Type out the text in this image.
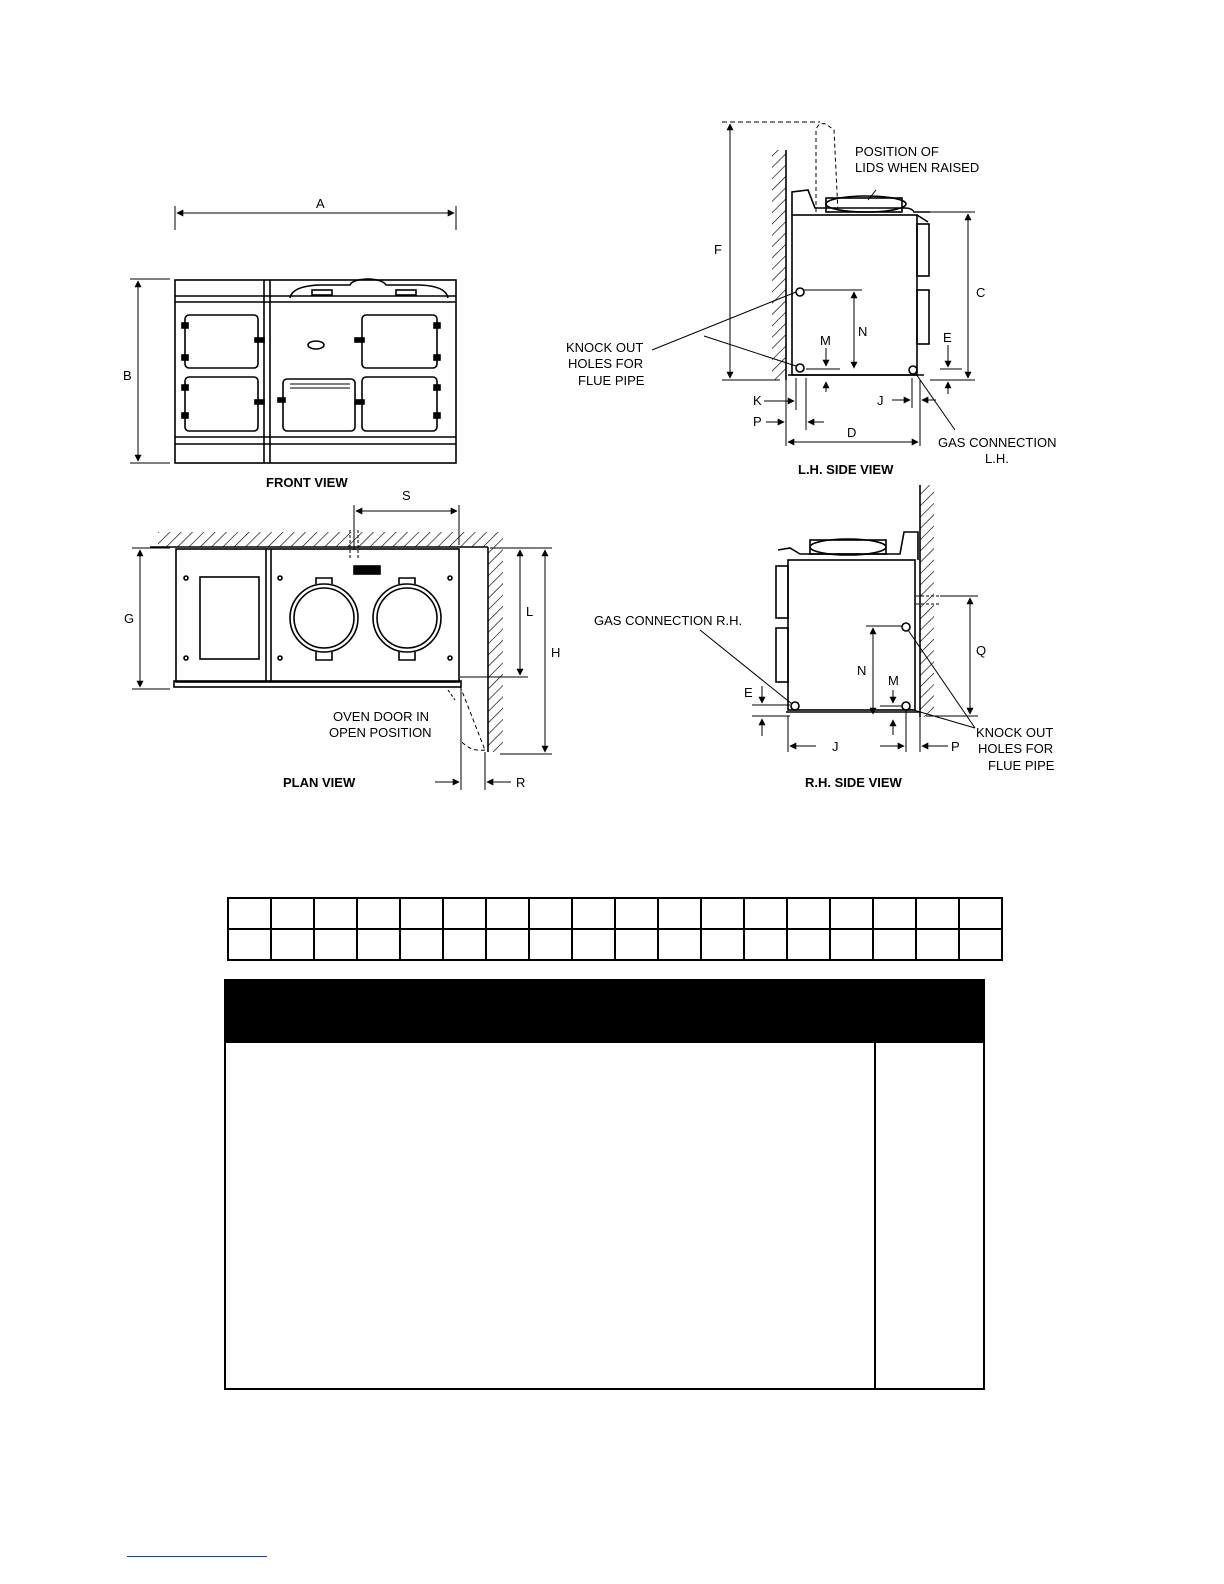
A
B
FRONT VIEW
S
G	L
H
R
OVEN DOOR IN
OPEN POSITION
PLAN VIEW
POSITION OF
LIDS WHEN RAISED
F
C
N
M	E
KNOCK OUT
HOLES FOR
FLUE PIPE
K
P
J
D
GAS CONNECTION
L.H.
L.H. SIDE VIEW
GAS CONNECTION R.H.
Q
N
M
E
KNOCK OUT
HOLES FOR
FLUE PIPE
J	P
R.H. SIDE VIEW
